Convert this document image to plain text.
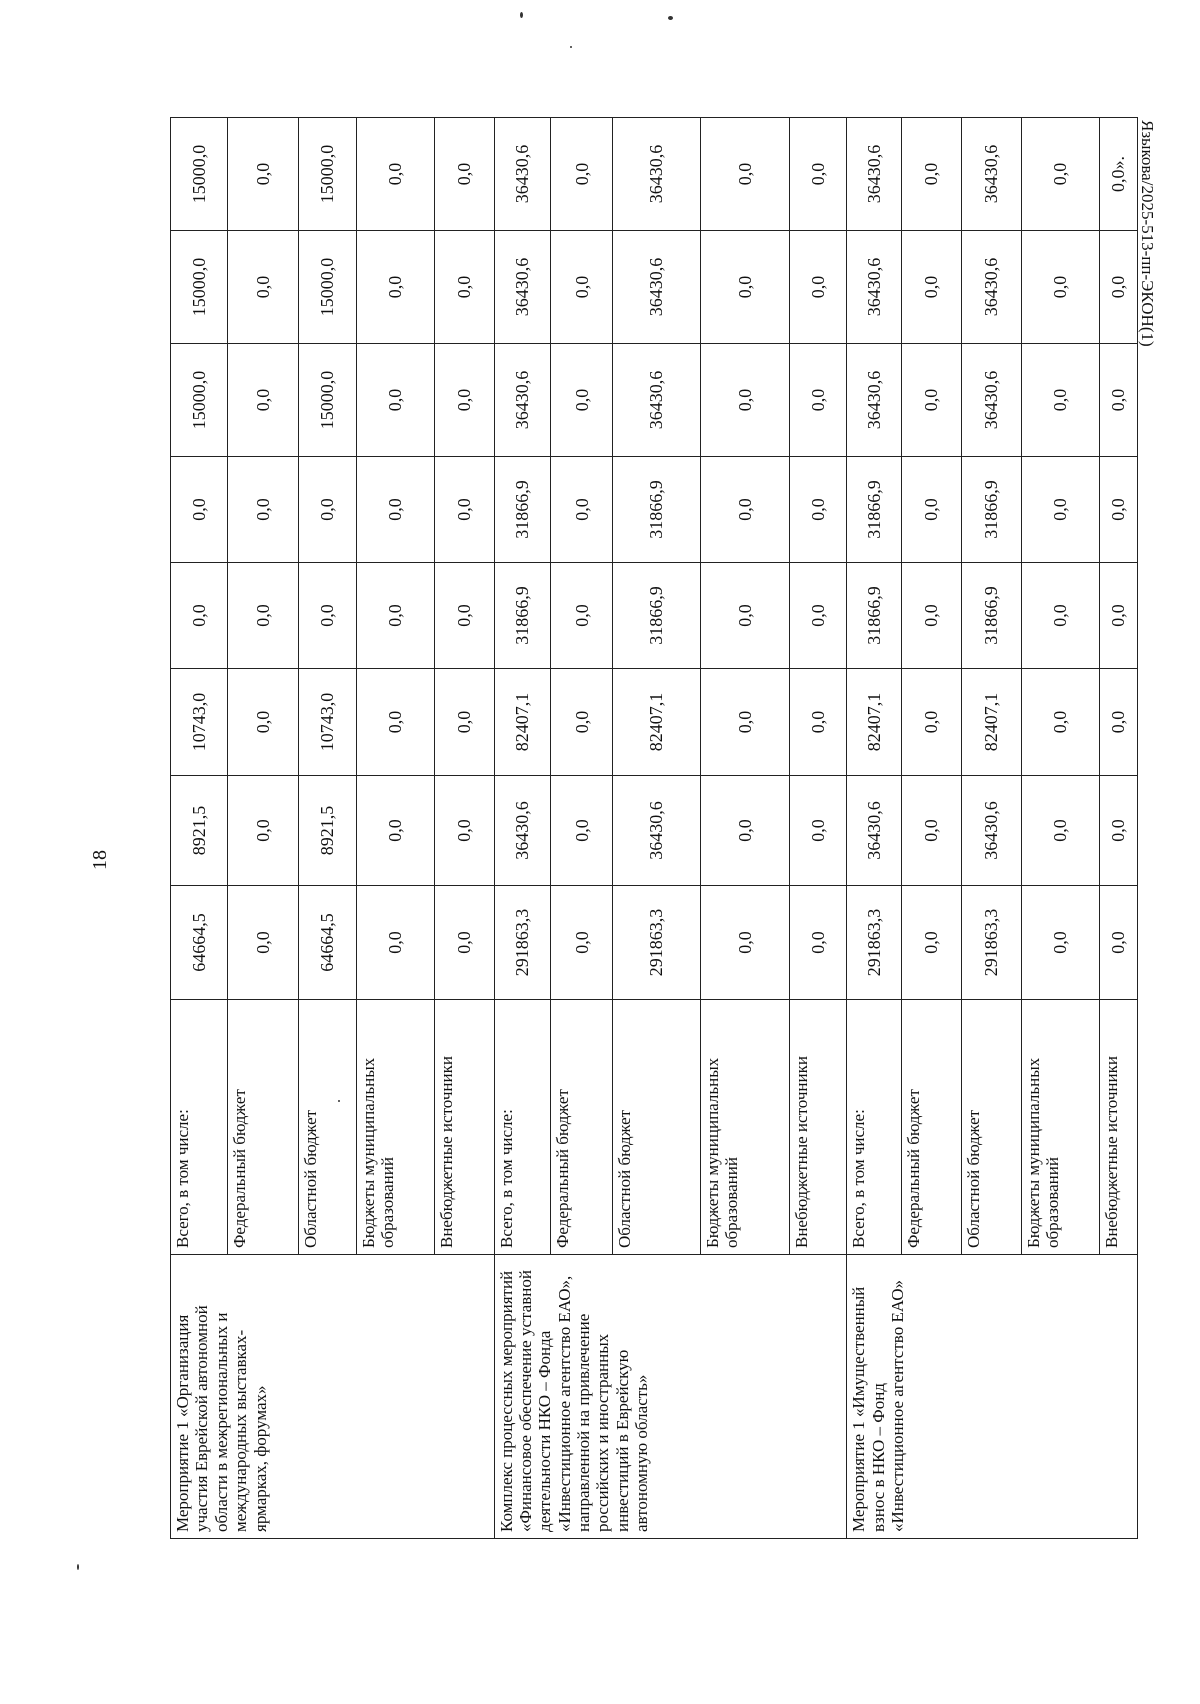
18
Языкова/2025-513-пп-ЭКОН(1)
Мероприятие 1 «Организация участия Еврейской автономной области в межрегиональных и международных выставках-ярмарках, форумах»	Всего, в том числе:	64664,5	8921,5	10743,0	0,0	0,0	15000,0	15000,0	15000,0
	Федеральный бюджет	0,0	0,0	0,0	0,0	0,0	0,0	0,0	0,0
	Областной бюджет	64664,5	8921,5	10743,0	0,0	0,0	15000,0	15000,0	15000,0
	Бюджеты муниципальных образований	0,0	0,0	0,0	0,0	0,0	0,0	0,0	0,0
	Внебюджетные источники	0,0	0,0	0,0	0,0	0,0	0,0	0,0	0,0
Комплекс процессных мероприятий «Финансовое обеспечение уставной деятельности НКО – Фонда «Инвестиционное агентство ЕАО», направленной на привлечение российских и иностранных инвестиций в Еврейскую автономную область»	Всего, в том числе:	291863,3	36430,6	82407,1	31866,9	31866,9	36430,6	36430,6	36430,6
	Федеральный бюджет	0,0	0,0	0,0	0,0	0,0	0,0	0,0	0,0
	Областной бюджет	291863,3	36430,6	82407,1	31866,9	31866,9	36430,6	36430,6	36430,6
	Бюджеты муниципальных образований	0,0	0,0	0,0	0,0	0,0	0,0	0,0	0,0
	Внебюджетные источники	0,0	0,0	0,0	0,0	0,0	0,0	0,0	0,0
Мероприятие 1 «Имущественный взнос в НКО – Фонд «Инвестиционное агентство ЕАО»	Всего, в том числе:	291863,3	36430,6	82407,1	31866,9	31866,9	36430,6	36430,6	36430,6
	Федеральный бюджет	0,0	0,0	0,0	0,0	0,0	0,0	0,0	0,0
	Областной бюджет	291863,3	36430,6	82407,1	31866,9	31866,9	36430,6	36430,6	36430,6
	Бюджеты муниципальных образований	0,0	0,0	0,0	0,0	0,0	0,0	0,0	0,0
	Внебюджетные источники	0,0	0,0	0,0	0,0	0,0	0,0	0,0	0,0».
